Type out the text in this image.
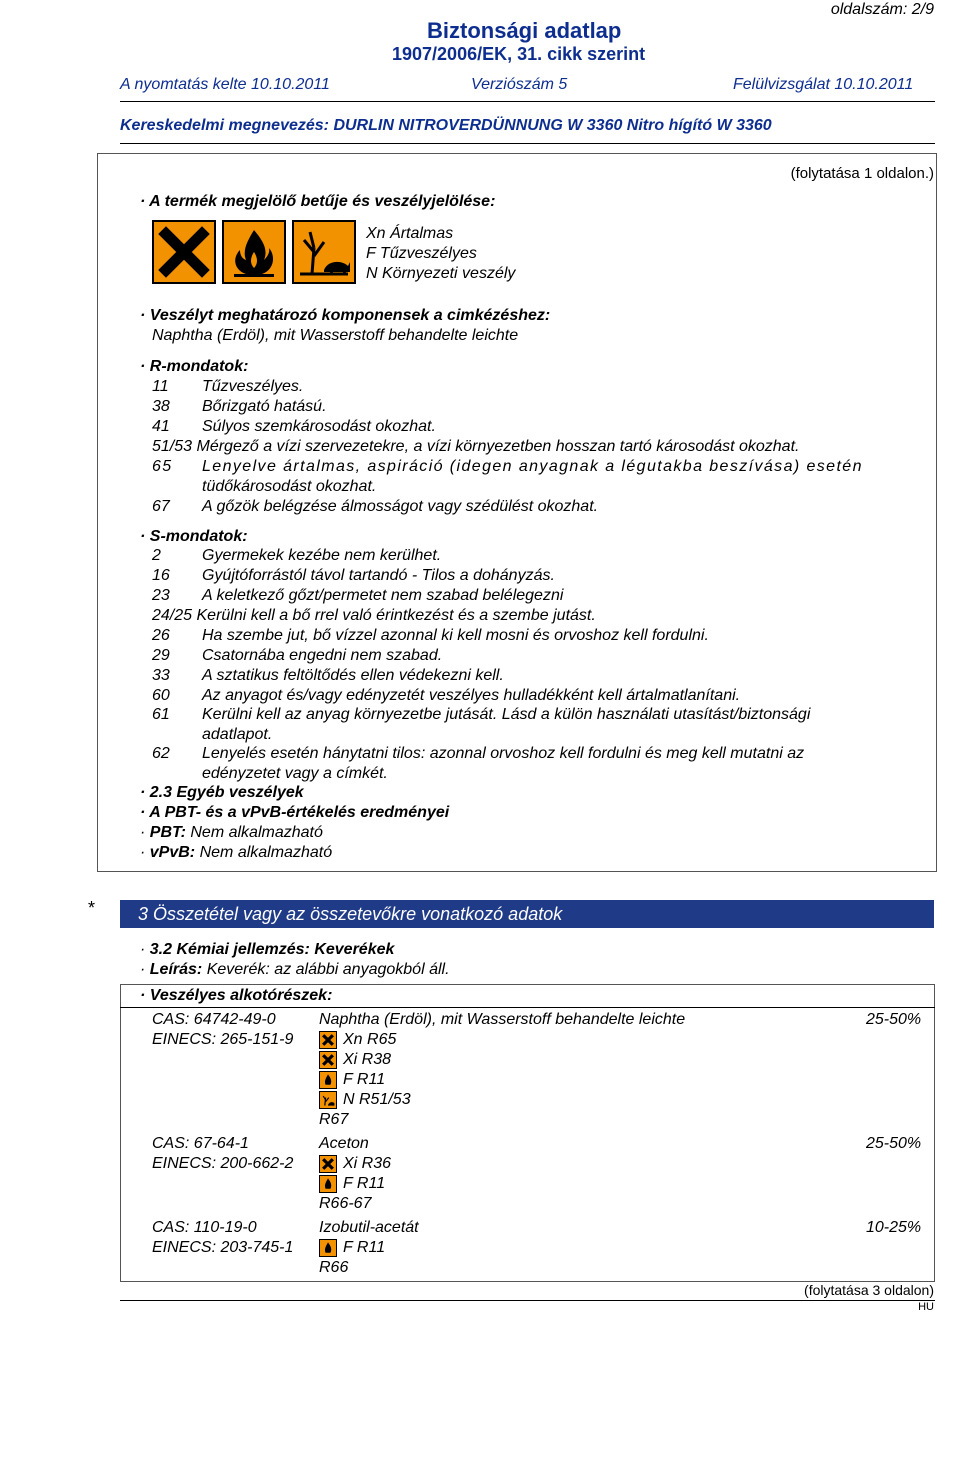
oldalszám: 2/9
Biztonsági adatlap
1907/2006/EK, 31. cikk szerint
A nyomtatás kelte 10.10.2011	Verziószám 5	Felülvizsgálat 10.10.2011
Kereskedelmi megnevezés: DURLIN NITROVERDÜNNUNG W 3360 Nitro hígító W 3360
(folytatása 1 oldalon.)
· A termék megjelölő betűje és veszélyjelölése:
Xn Ártalmas
F Tűzveszélyes
N Környezeti veszély
· Veszélyt meghatározó komponensek a cimkézéshez:
Naphtha (Erdöl), mit Wasserstoff behandelte leichte
· R-mondatok:
11 Tűzveszélyes.
38 Bőrizgató hatású.
41 Súlyos szemkárosodást okozhat.
51/53 Mérgező a vízi szervezetekre, a vízi környezetben hosszan tartó károsodást okozhat.
65 Lenyelve ártalmas, aspiráció (idegen anyagnak a légutakba beszívása) esetén
tüdőkárosodást okozhat.
67 A gőzök belégzése álmosságot vagy szédülést okozhat.
· S-mondatok:
2	Gyermekek kezébe nem kerülhet.
16 Gyújtóforrástól távol tartandó - Tilos a dohányzás.
23 A keletkező gőzt/permetet nem szabad belélegezni
24/25 Kerülni kell a bő rrel való érintkezést és a szembe jutást.
26 Ha szembe jut, bő vízzel azonnal ki kell mosni és orvoshoz kell fordulni.
29 Csatornába engedni nem szabad.
33 A sztatikus feltöltődés ellen védekezni kell.
60 Az anyagot és/vagy edényzetét veszélyes hulladékként kell ártalmatlanítani.
61 Kerülni kell az anyag környezetbe jutását. Lásd a külön használati utasítást/biztonsági
adatlapot.
62 Lenyelés esetén hánytatni tilos: azonnal orvoshoz kell fordulni és meg kell mutatni az
edényzetet vagy a címkét.
· 2.3 Egyéb veszélyek
· A PBT- és a vPvB-értékelés eredményei
· PBT: Nem alkalmazható
· vPvB: Nem alkalmazható
*	3 Összetétel vagy az összetevőkre vonatkozó adatok
· 3.2 Kémiai jellemzés: Keverékek
· Leírás: Keverék: az alábbi anyagokból áll.
· Veszélyes alkotórészek:
CAS: 64742-49-0
EINECS: 265-151-9
Naphtha (Erdöl), mit Wasserstoff behandelte leichte	25-50%
Xn R65
Xi R38
F R11
N R51/53
R67
CAS: 67-64-1
EINECS: 200-662-2
Aceton	25-50%
Xi R36
F R11
R66-67
CAS: 110-19-0
EINECS: 203-745-1
Izobutil-acetát	10-25%
F R11
R66
(folytatása 3 oldalon)
HU
